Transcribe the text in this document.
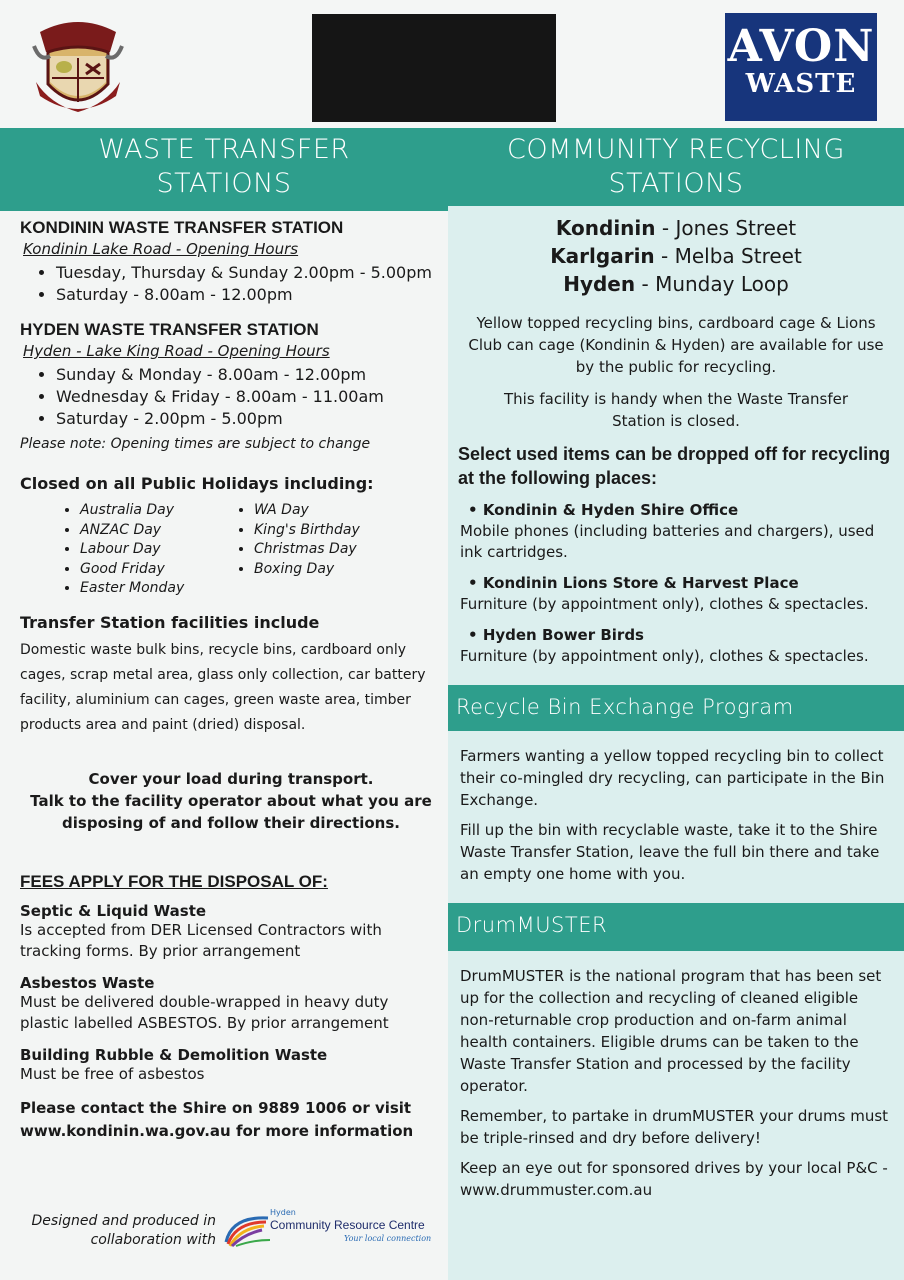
AVON
WASTE
WASTE TRANSFER
STATIONS
COMMUNITY RECYCLING
STATIONS
KONDININ WASTE TRANSFER STATION
Kondinin Lake Road - Opening Hours
• Tuesday, Thursday & Sunday 2.00pm - 5.00pm
• Saturday - 8.00am - 12.00pm
HYDEN WASTE TRANSFER STATION
Hyden - Lake King Road - Opening Hours
• Sunday & Monday - 8.00am - 12.00pm
• Wednesday & Friday - 8.00am - 11.00am
• Saturday - 2.00pm - 5.00pm
Please note: Opening times are subject to change
Closed on all Public Holidays including:
• Australia Day
• ANZAC Day
• Labour Day
• Good Friday
• Easter Monday
• WA Day
• King's Birthday
• Christmas Day
• Boxing Day
Transfer Station facilities include

Domestic waste bulk bins, recycle bins, cardboard only cages, scrap metal area, glass only collection, car battery facility, aluminium can cages, green waste area, timber products area and paint (dried) disposal.

Cover your load during transport.
Talk to the facility operator about what you are disposing of and follow their directions.
FEES APPLY FOR THE DISPOSAL OF:
Septic & Liquid Waste

Is accepted from DER Licensed Contractors with tracking forms. By prior arrangement

Asbestos Waste

Must be delivered double-wrapped in heavy duty plastic labelled ASBESTOS. By prior arrangement

Building Rubble & Demolition Waste

Must be free of asbestos

Please contact the Shire on 9889 1006 or visit www.kondinin.wa.gov.au for more information
Designed and produced in
collaboration with
Hyden
Community Resource Centre
Your local connection
Kondinin - Jones Street
Karlgarin - Melba Street
Hyden - Munday Loop

Yellow topped recycling bins, cardboard cage & Lions Club can cage (Kondinin & Hyden) are available for use by the public for recycling.

This facility is handy when the Waste Transfer Station is closed.

Select used items can be dropped off for recycling at the following places:
• Kondinin & Hyden Shire Office
Mobile phones (including batteries and chargers), used ink cartridges.
• Kondinin Lions Store & Harvest Place
Furniture (by appointment only), clothes & spectacles.
• Hyden Bower Birds
Furniture (by appointment only), clothes & spectacles.
Recycle Bin Exchange Program

Farmers wanting a yellow topped recycling bin to collect their co-mingled dry recycling, can participate in the Bin Exchange.

Fill up the bin with recyclable waste, take it to the Shire Waste Transfer Station, leave the full bin there and take an empty one home with you.

DrumMUSTER

DrumMUSTER is the national program that has been set up for the collection and recycling of cleaned eligible non-returnable crop production and on-farm animal health containers. Eligible drums can be taken to the Waste Transfer Station and processed by the facility operator.

Remember, to partake in drumMUSTER your drums must be triple-rinsed and dry before delivery!

Keep an eye out for sponsored drives by your local P&C - www.drummuster.com.au
